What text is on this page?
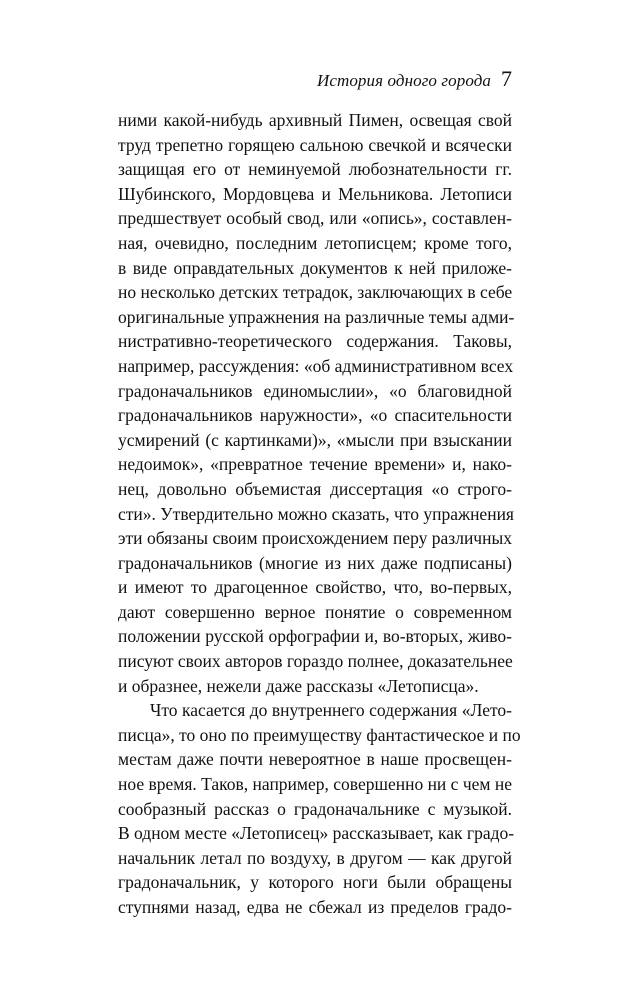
История одного города 7
ними какой-нибудь архивный Пимен, освещая свой
труд трепетно горящею сальною свечкой и всячески
защищая его от неминуемой любознательности гг.
Шубинского, Мордовцева и Мельникова. Летописи
предшествует особый свод, или «опись», составлен-
ная, очевидно, последним летописцем; кроме того,
в виде оправдательных документов к ней приложе-
но несколько детских тетрадок, заключающих в себе
оригинальные упражнения на различные темы адми-
нистративно-теоретического содержания. Таковы,
например, рассуждения: «об административном всех
градоначальников единомыслии», «о благовидной
градоначальников наружности», «о спасительности
усмирений (с картинками)», «мысли при взыскании
недоимок», «превратное течение времени» и, нако-
нец, довольно объемистая диссертация «о строго-
сти». Утвердительно можно сказать, что упражнения
эти обязаны своим происхождением перу различных
градоначальников (многие из них даже подписаны)
и имеют то драгоценное свойство, что, во-первых,
дают совершенно верное понятие о современном
положении русской орфографии и, во-вторых, живо-
писуют своих авторов гораздо полнее, доказательнее
и образнее, нежели даже рассказы «Летописца».
Что касается до внутреннего содержания «Лето-
писца», то оно по преимуществу фантастическое и по
местам даже почти невероятное в наше просвещен-
ное время. Таков, например, совершенно ни с чем не
сообразный рассказ о градоначальнике с музыкой.
В одном месте «Летописец» рассказывает, как градо-
начальник летал по воздуху, в другом — как другой
градоначальник, у которого ноги были обращены
ступнями назад, едва не сбежал из пределов градо-
